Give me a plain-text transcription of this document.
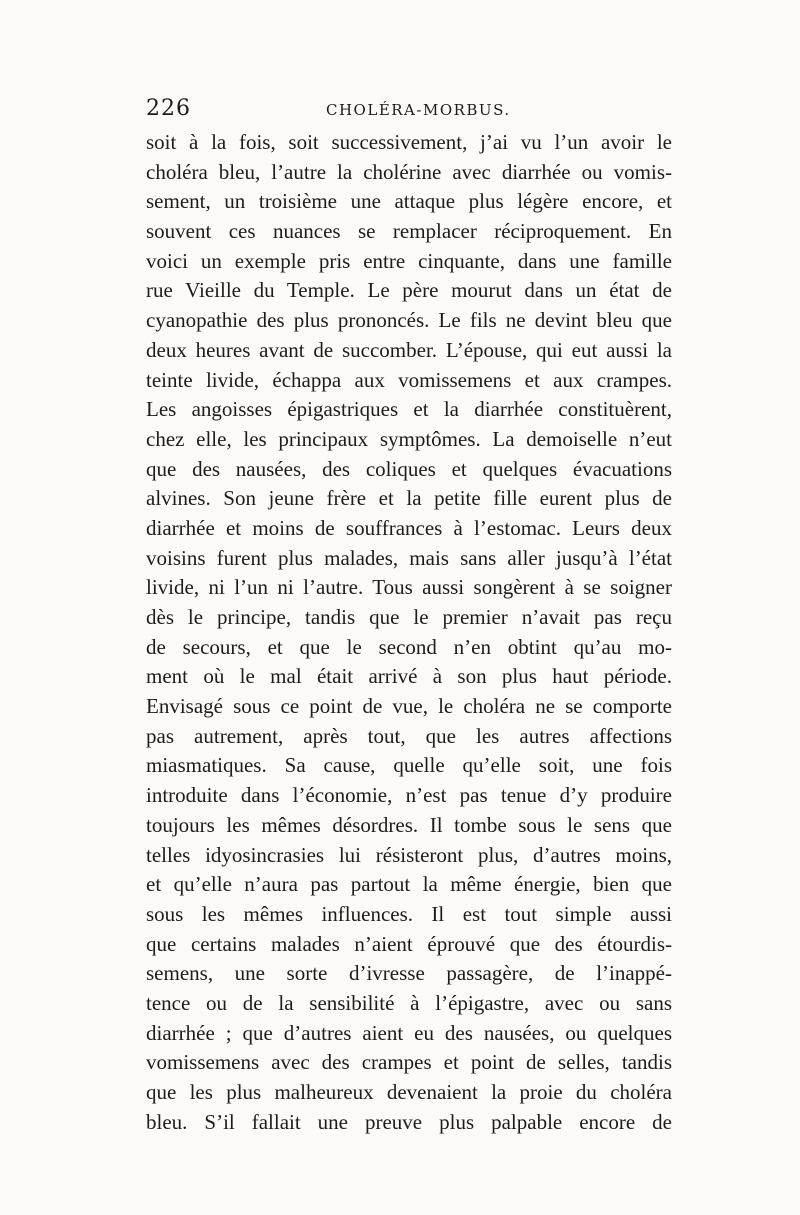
226	CHOLÉRA-MORBUS.
soit à la fois, soit successivement, j’ai vu l’un avoir le
choléra bleu, l’autre la cholérine avec diarrhée ou vomis-
sement, un troisième une attaque plus légère encore, et
souvent ces nuances se remplacer réciproquement. En
voici un exemple pris entre cinquante, dans une famille
rue Vieille du Temple. Le père mourut dans un état de
cyanopathie des plus prononcés. Le fils ne devint bleu que
deux heures avant de succomber. L’épouse, qui eut aussi la
teinte livide, échappa aux vomissemens et aux crampes.
Les angoisses épigastriques et la diarrhée constituèrent,
chez elle, les principaux symptômes. La demoiselle n’eut
que des nausées, des coliques et quelques évacuations
alvines. Son jeune frère et la petite fille eurent plus de
diarrhée et moins de souffrances à l’estomac. Leurs deux
voisins furent plus malades, mais sans aller jusqu’à l’état
livide, ni l’un ni l’autre. Tous aussi songèrent à se soigner
dès le principe, tandis que le premier n’avait pas reçu
de secours, et que le second n’en obtint qu’au mo-
ment où le mal était arrivé à son plus haut période.
Envisagé sous ce point de vue, le choléra ne se comporte
pas autrement, après tout, que les autres affections
miasmatiques. Sa cause, quelle qu’elle soit, une fois
introduite dans l’économie, n’est pas tenue d’y produire
toujours les mêmes désordres. Il tombe sous le sens que
telles idyosincrasies lui résisteront plus, d’autres moins,
et qu’elle n’aura pas partout la même énergie, bien que
sous les mêmes influences. Il est tout simple aussi
que certains malades n’aient éprouvé que des étourdis-
semens, une sorte d’ivresse passagère, de l’inappé-
tence ou de la sensibilité à l’épigastre, avec ou sans
diarrhée ; que d’autres aient eu des nausées, ou quelques
vomissemens avec des crampes et point de selles, tandis
que les plus malheureux devenaient la proie du choléra
bleu. S’il fallait une preuve plus palpable encore de
